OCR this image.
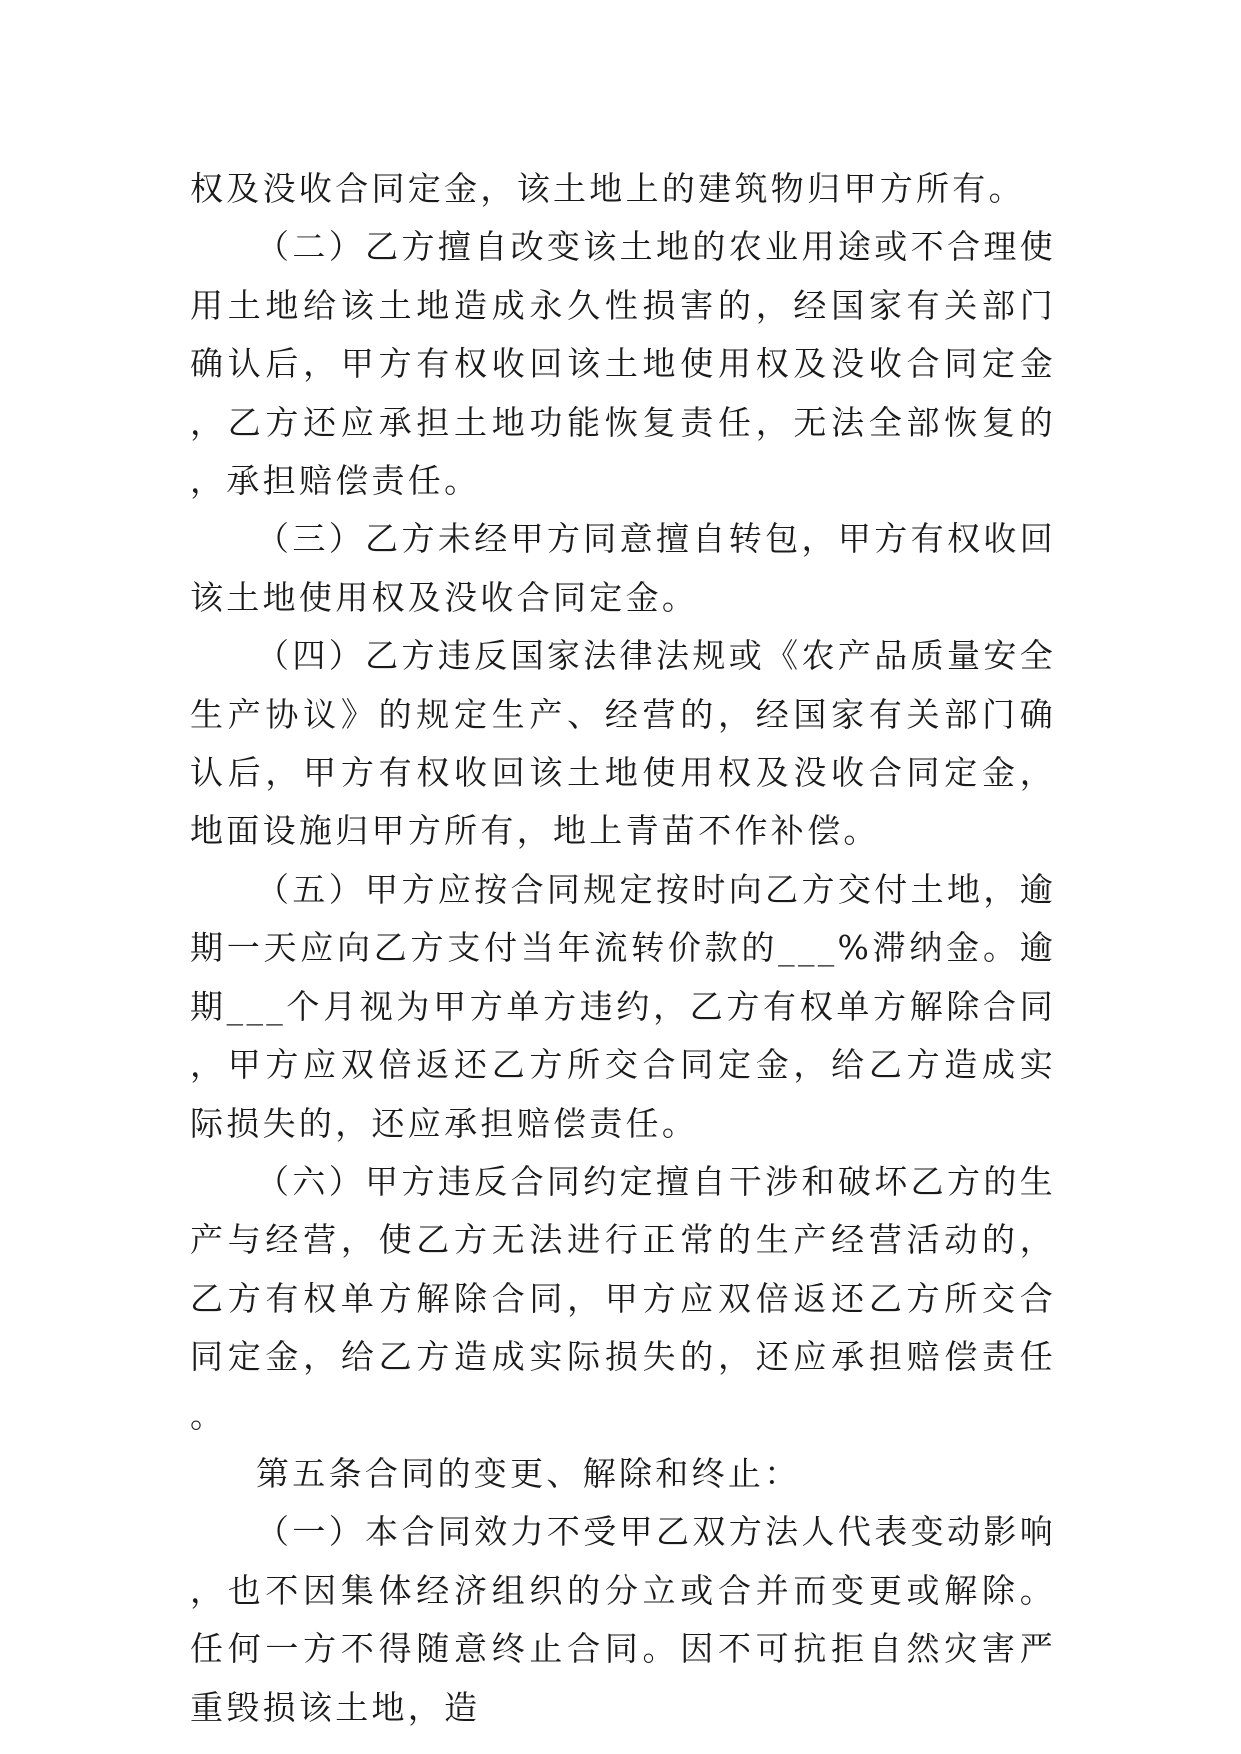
权及没收合同定金，该土地上的建筑物归甲方所有。

（二）乙方擅自改变该土地的农业用途或不合理使用土地给该土地造成永久性损害的，经国家有关部门确认后，甲方有权收回该土地使用权及没收合同定金，乙方还应承担土地功能恢复责任，无法全部恢复的，承担赔偿责任。

（三）乙方未经甲方同意擅自转包，甲方有权收回该土地使用权及没收合同定金。

（四）乙方违反国家法律法规或《农产品质量安全生产协议》的规定生产、经营的，经国家有关部门确认后，甲方有权收回该土地使用权及没收合同定金，地面设施归甲方所有，地上青苗不作补偿。

（五）甲方应按合同规定按时向乙方交付土地，逾期一天应向乙方支付当年流转价款的___%滞纳金。逾期___个月视为甲方单方违约，乙方有权单方解除合同，甲方应双倍返还乙方所交合同定金，给乙方造成实际损失的，还应承担赔偿责任。

（六）甲方违反合同约定擅自干涉和破坏乙方的生产与经营，使乙方无法进行正常的生产经营活动的，乙方有权单方解除合同，甲方应双倍返还乙方所交合同定金，给乙方造成实际损失的，还应承担赔偿责任。

第五条合同的变更、解除和终止：

（一）本合同效力不受甲乙双方法人代表变动影响，也不因集体经济组织的分立或合并而变更或解除。任何一方不得随意终止合同。因不可抗拒自然灾害严重毁损该土地，造
